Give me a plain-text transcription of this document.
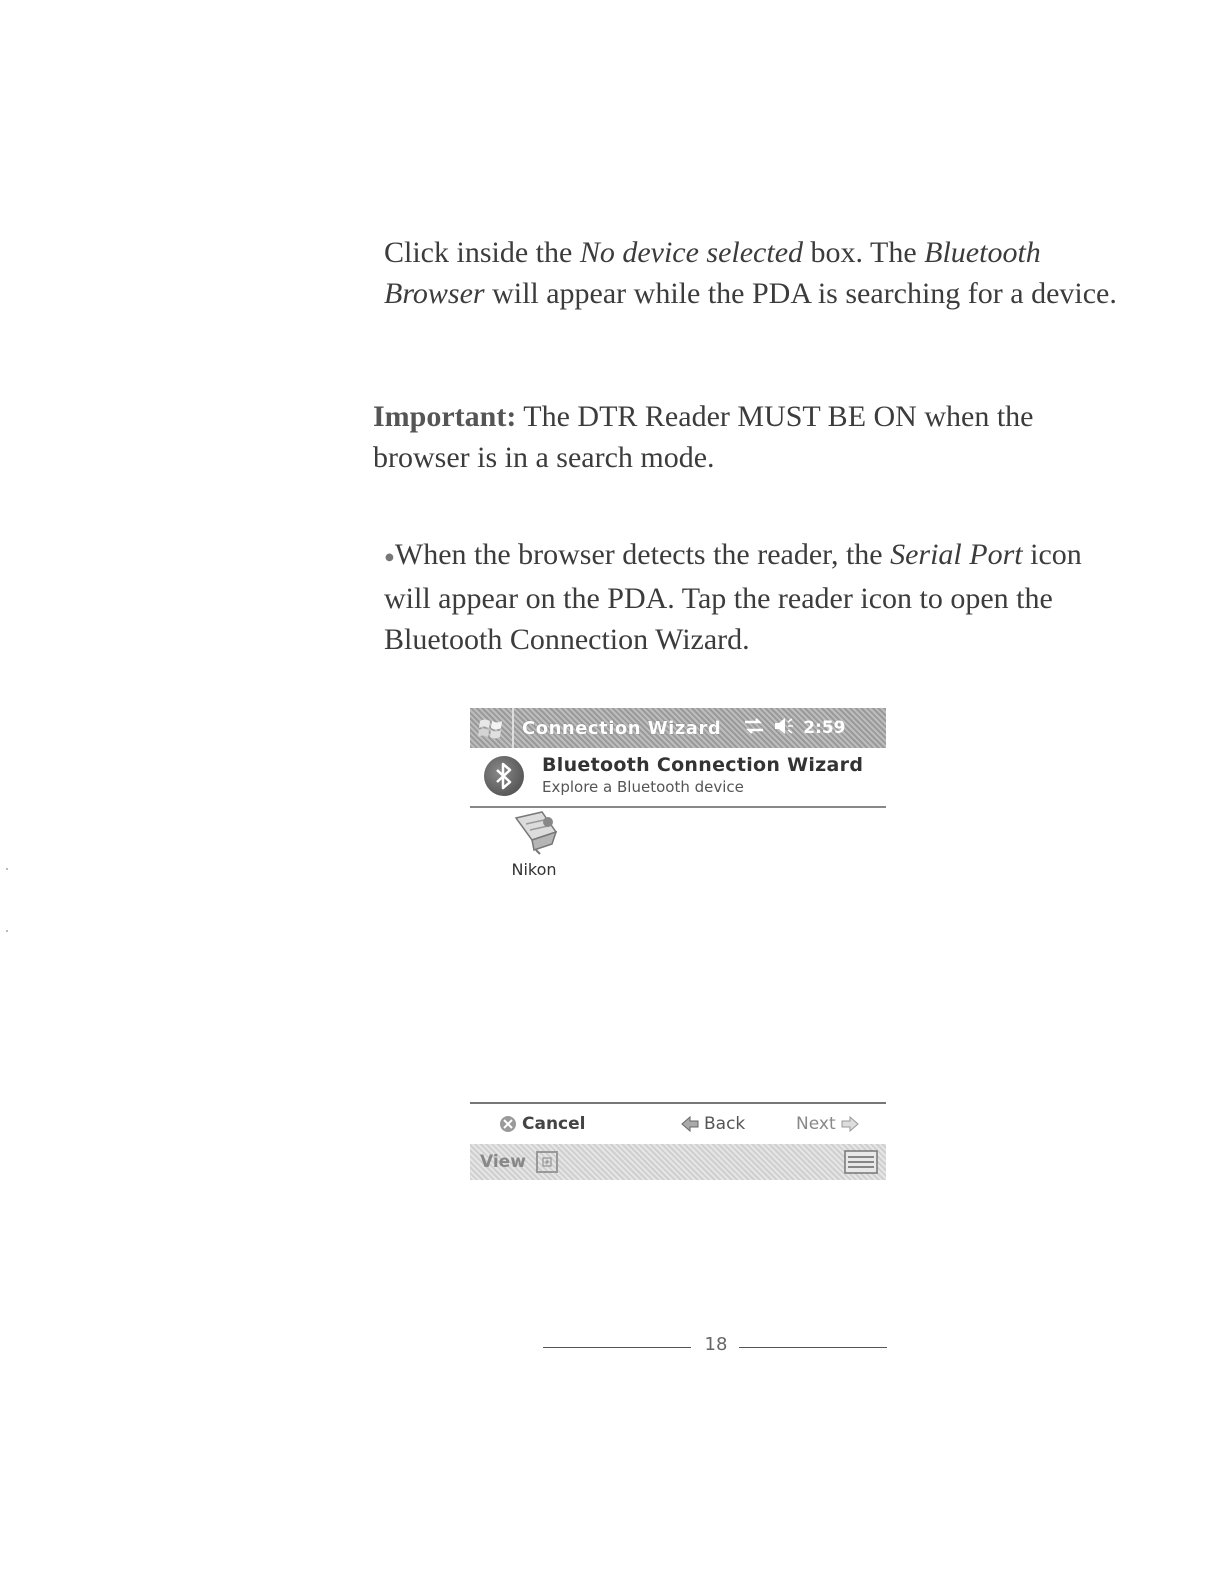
Click inside the No device selected box. The Bluetooth Browser will appear while the PDA is searching for a device.

Important: The DTR Reader MUST BE ON when the browser is in a search mode.

●When the browser detects the reader, the Serial Port icon will appear on the PDA. Tap the reader icon to open the Bluetooth Connection Wizard.

Connection Wizard	2:59
Bluetooth Connection Wizard
Explore a Bluetooth device
Nikon
Cancel	Back	Next
View
18
